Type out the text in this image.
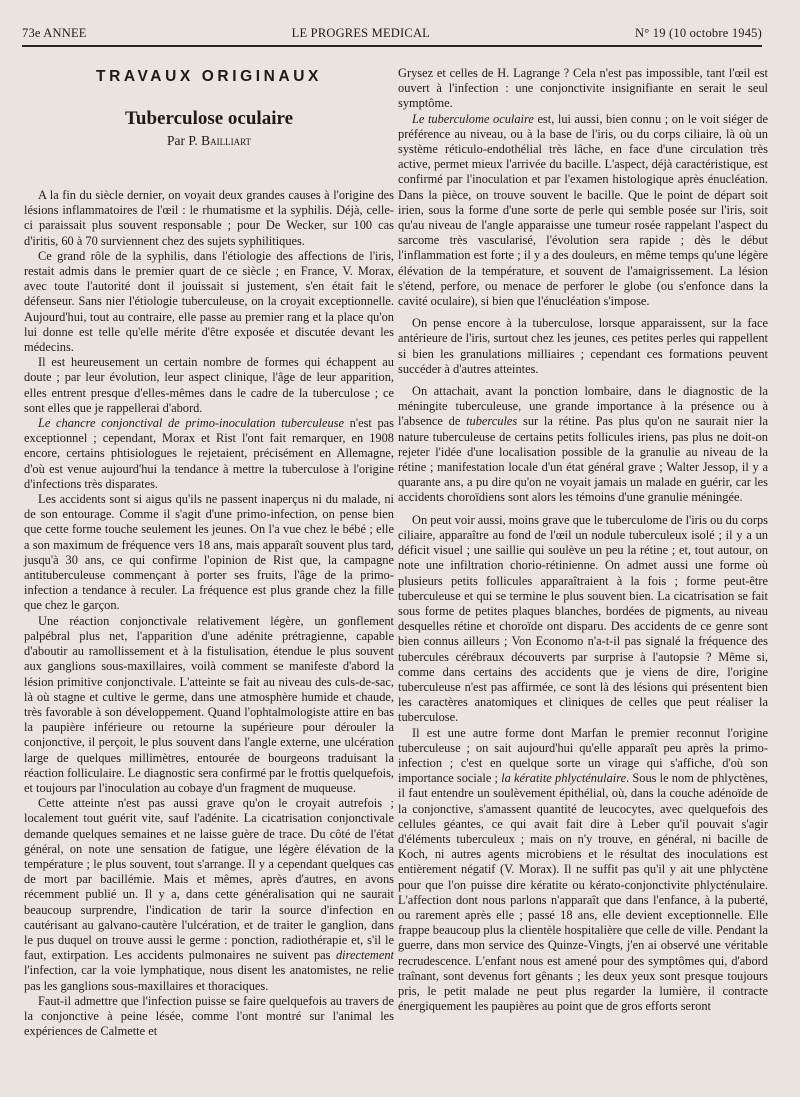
73e ANNEE	LE PROGRES MEDICAL	N° 19 (10 octobre 1945)
TRAVAUX ORIGINAUX
Tuberculose oculaire
Par P. Bailliart

A la fin du siècle dernier, on voyait deux grandes causes à l'origine des lésions inflammatoires de l'œil : le rhumatisme et la syphilis. Déjà, celle-ci paraissait plus souvent responsable ; pour De Wecker, sur 100 cas d'iritis, 60 à 70 surviennent chez des sujets syphilitiques.

Ce grand rôle de la syphilis, dans l'étiologie des affections de l'iris, restait admis dans le premier quart de ce siècle ; en France, V. Morax, avec toute l'autorité dont il jouissait si justement, s'en était fait le défenseur. Sans nier l'étiologie tuberculeuse, on la croyait exceptionnelle. Aujourd'hui, tout au contraire, elle passe au premier rang et la place qu'on lui donne est telle qu'elle mérite d'être exposée et discutée devant les médecins.

Il est heureusement un certain nombre de formes qui échappent au doute ; par leur évolution, leur aspect clinique, l'âge de leur apparition, elles entrent presque d'elles-mêmes dans le cadre de la tuberculose ; ce sont elles que je rappellerai d'abord.

Le chancre conjonctival de primo-inoculation tuberculeuse n'est pas exceptionnel ; cependant, Morax et Rist l'ont fait remarquer, en 1908 encore, certains phtisiologues le rejetaient, précisément en Allemagne, d'où est venue aujourd'hui la tendance à mettre la tuberculose à l'origine d'infections très disparates.

Les accidents sont si aigus qu'ils ne passent inaperçus ni du malade, ni de son entourage. Comme il s'agit d'une primo-infection, on pense bien que cette forme touche seulement les jeunes. On l'a vue chez le bébé ; elle a son maximum de fréquence vers 18 ans, mais apparaît souvent plus tard, jusqu'à 30 ans, ce qui confirme l'opinion de Rist que, la campagne antituberculeuse commençant à porter ses fruits, l'âge de la primo-infection a tendance à reculer. La fréquence est plus grande chez la fille que chez le garçon.

Une réaction conjonctivale relativement légère, un gonflement palpébral plus net, l'apparition d'une adénite prétragienne, capable d'aboutir au ramollissement et à la fistulisation, étendue le plus souvent aux ganglions sous-maxillaires, voilà comment se manifeste d'abord la lésion primitive conjonctivale. L'atteinte se fait au niveau des culs-de-sac, là où stagne et cultive le germe, dans une atmosphère humide et chaude, très favorable à son développement. Quand l'ophtalmologiste attire en bas la paupière inférieure ou retourne la supérieure pour dérouler la conjonctive, il perçoit, le plus souvent dans l'angle externe, une ulcération large de quelques millimètres, entourée de bourgeons traduisant la réaction folliculaire. Le diagnostic sera confirmé par le frottis quelquefois, et toujours par l'inoculation au cobaye d'un fragment de muqueuse.

Cette atteinte n'est pas aussi grave qu'on le croyait autrefois ; localement tout guérit vite, sauf l'adénite. La cicatrisation conjonctivale demande quelques semaines et ne laisse guère de trace. Du côté de l'état général, on note une sensation de fatigue, une légère élévation de la température ; le plus souvent, tout s'arrange. Il y a cependant quelques cas de mort par bacillémie. Mais et mêmes, après d'autres, en avons récemment publié un. Il y a, dans cette généralisation qui ne saurait beaucoup surprendre, l'indication de tarir la source d'infection en cautérisant au galvano-cautère l'ulcération, et de traiter le ganglion, dans le pus duquel on trouve aussi le germe : ponction, radiothérapie et, s'il le faut, extirpation. Les accidents pulmonaires ne suivent pas directement l'infection, car la voie lymphatique, nous disent les anatomistes, ne relie pas les ganglions sous-maxillaires et thoraciques.

Faut-il admettre que l'infection puisse se faire quelquefois au travers de la conjonctive à peine lésée, comme l'ont montré sur l'animal les expériences de Calmette et

Grysez et celles de H. Lagrange ? Cela n'est pas impossible, tant l'œil est ouvert à l'infection : une conjonctivite insignifiante en serait le seul symptôme.

Le tuberculome oculaire est, lui aussi, bien connu ; on le voit siéger de préférence au niveau, ou à la base de l'iris, ou du corps ciliaire, là où un système réticulo-endothélial très lâche, en face d'une circulation très active, permet mieux l'arrivée du bacille. L'aspect, déjà caractéristique, est confirmé par l'inoculation et par l'examen histologique après énucléation. Dans la pièce, on trouve souvent le bacille. Que le point de départ soit irien, sous la forme d'une sorte de perle qui semble posée sur l'iris, soit qu'au niveau de l'angle apparaisse une tumeur rosée rappelant l'aspect du sarcome très vascularisé, l'évolution sera rapide ; dès le début l'inflammation est forte ; il y a des douleurs, en même temps qu'une légère élévation de la température, et souvent de l'amaigrissement. La lésion s'étend, perfore, ou menace de perforer le globe (ou s'enfonce dans la cavité oculaire), si bien que l'énucléation s'impose.

On pense encore à la tuberculose, lorsque apparaissent, sur la face antérieure de l'iris, surtout chez les jeunes, ces petites perles qui rappellent si bien les granulations milliaires ; cependant ces formations peuvent succéder à d'autres atteintes.

On attachait, avant la ponction lombaire, dans le diagnostic de la méningite tuberculeuse, une grande importance à la présence ou à l'absence de tubercules sur la rétine. Pas plus qu'on ne saurait nier la nature tuberculeuse de certains petits follicules iriens, pas plus ne doit-on rejeter l'idée d'une localisation possible de la granulie au niveau de la rétine ; manifestation locale d'un état général grave ; Walter Jessop, il y a quarante ans, a pu dire qu'on ne voyait jamais un malade en guérir, car les accidents choroïdiens sont alors les témoins d'une granulie méningée.

On peut voir aussi, moins grave que le tuberculome de l'iris ou du corps ciliaire, apparaître au fond de l'œil un nodule tuberculeux isolé ; il y a un déficit visuel ; une saillie qui soulève un peu la rétine ; et, tout autour, on note une infiltration chorio-rétinienne. On admet aussi une forme où plusieurs petits follicules apparaîtraient à la fois ; forme peut-être tuberculeuse et qui se termine le plus souvent bien. La cicatrisation se fait sous forme de petites plaques blanches, bordées de pigments, au niveau desquelles rétine et choroïde ont disparu. Des accidents de ce genre sont bien connus ailleurs ; Von Economo n'a-t-il pas signalé la fréquence des tubercules cérébraux découverts par surprise à l'autopsie ? Même si, comme dans certains des accidents que je viens de dire, l'origine tuberculeuse n'est pas affirmée, ce sont là des lésions qui présentent bien les caractères anatomiques et cliniques de celles que peut réaliser la tuberculose.

Il est une autre forme dont Marfan le premier reconnut l'origine tuberculeuse ; on sait aujourd'hui qu'elle apparaît peu après la primo-infection ; c'est en quelque sorte un virage qui s'affiche, d'où son importance sociale ; la kératite phlycténulaire. Sous le nom de phlyctènes, il faut entendre un soulèvement épithélial, où, dans la couche adénoïde de la conjonctive, s'amassent quantité de leucocytes, avec quelquefois des cellules géantes, ce qui avait fait dire à Leber qu'il pouvait s'agir d'éléments tuberculeux ; mais on n'y trouve, en général, ni bacille de Koch, ni autres agents microbiens et le résultat des inoculations est entièrement négatif (V. Morax). Il ne suffit pas qu'il y ait une phlyctène pour que l'on puisse dire kératite ou kérato-conjonctivite phlycténulaire. L'affection dont nous parlons n'apparaît que dans l'enfance, à la puberté, ou rarement après elle ; passé 18 ans, elle devient exceptionnelle. Elle frappe beaucoup plus la clientèle hospitalière que celle de ville. Pendant la guerre, dans mon service des Quinze-Vingts, j'en ai observé une véritable recrudescence. L'enfant nous est amené pour des symptômes qui, d'abord traînant, sont devenus fort gênants ; les deux yeux sont presque toujours pris, le petit malade ne peut plus regarder la lumière, il contracte énergiquement les paupières au point que de gros efforts seront
